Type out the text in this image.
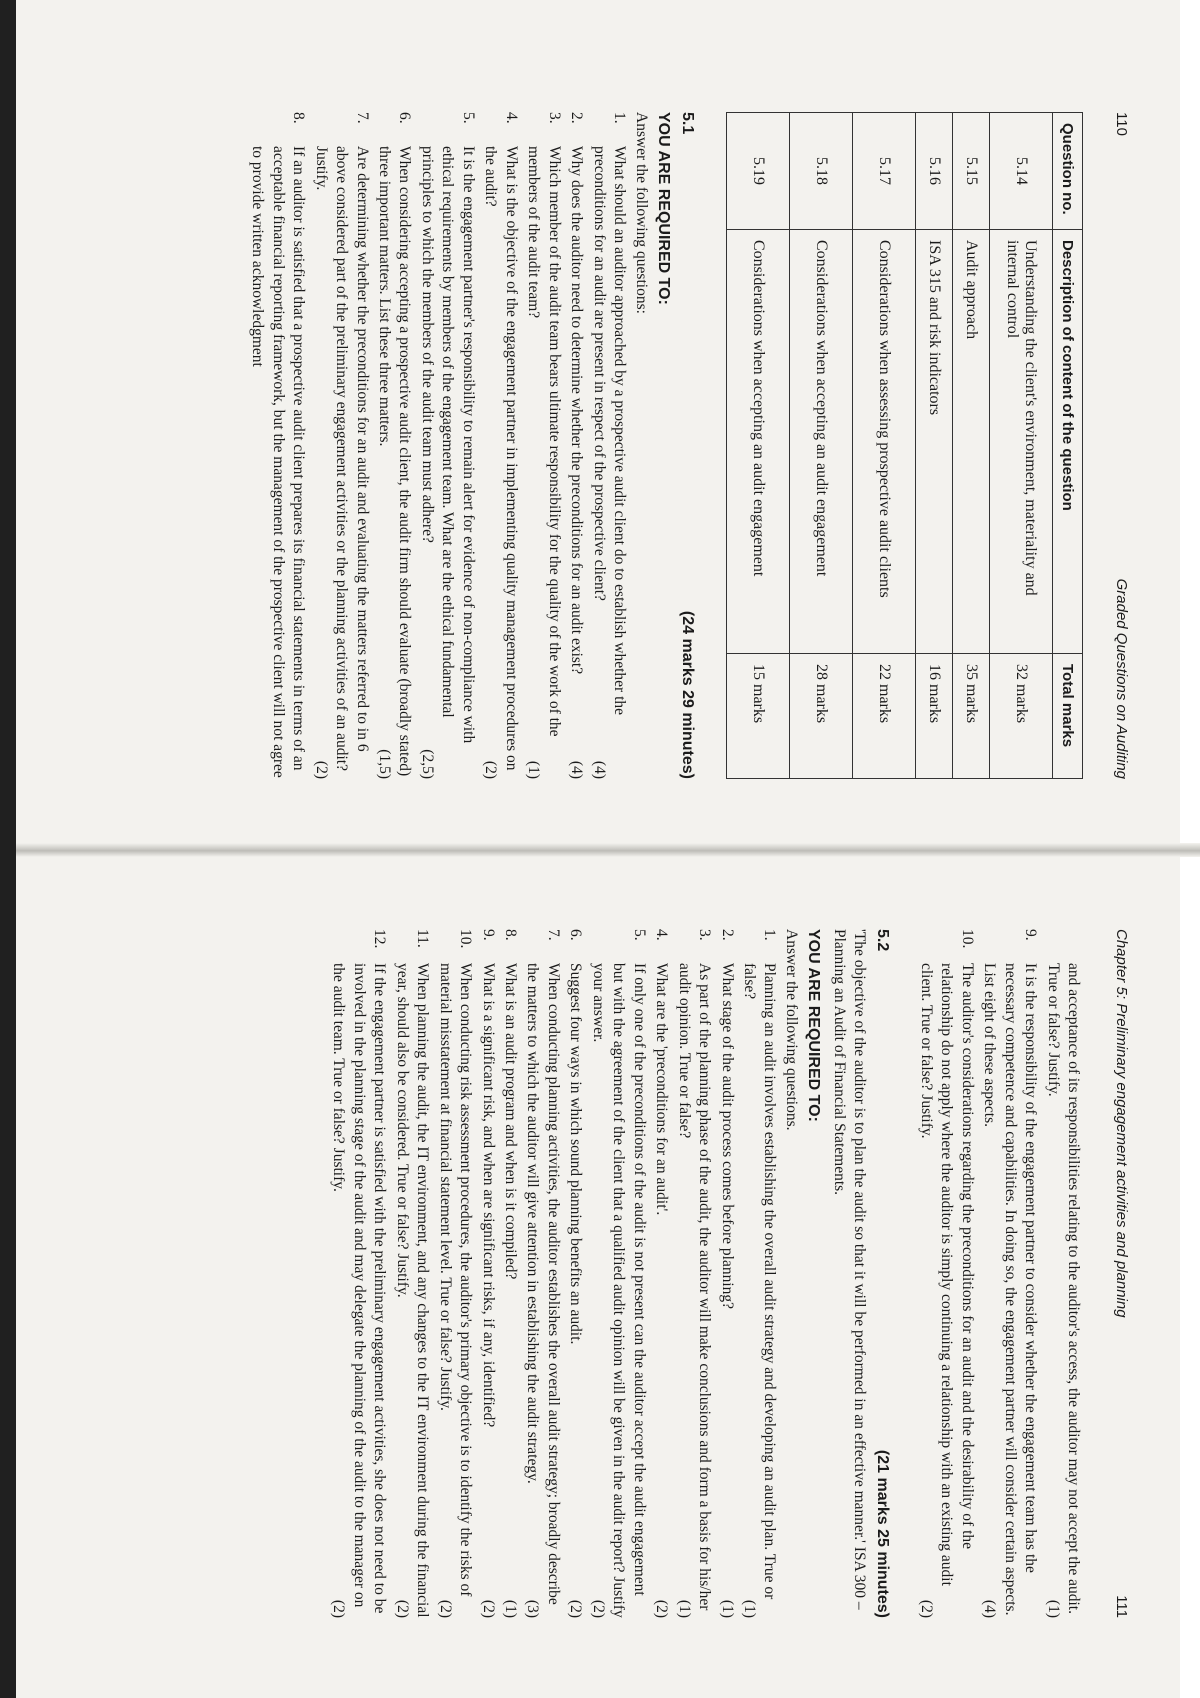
110
Graded Questions on Auditing
Question no.	Description of content of the question	Total marks
5.14	Understanding the client's environment, materiality and internal control	32 marks
5.15	Audit approach	35 marks
5.16	ISA 315 and risk indicators	16 marks
5.17	Considerations when assessing prospective audit clients	22 marks
5.18	Considerations when accepting an audit engagement	28 marks
5.19	Considerations when accepting an audit engagement	15 marks
5.1
(24 marks 29 minutes)
YOU ARE REQUIRED TO:

Answer the following questions:

1.
What should an auditor approached by a prospective audit client do to establish whether the preconditions for an audit are present in respect of the prospective client?
(4)
2.
Why does the auditor need to determine whether the preconditions for an audit exist?
(4)
3.
Which member of the audit team bears ultimate responsibility for the quality of the work of the members of the audit team?
(1)
4.
What is the objective of the engagement partner in implementing quality management procedures on the audit?
(2)
5.
It is the engagement partner's responsibility to remain alert for evidence of non-compliance with ethical requirements by members of the engagement team. What are the ethical fundamental principles to which the members of the audit team must adhere?
(2,5)
6.
When considering accepting a prospective audit client, the audit firm should evaluate (broadly stated) three important matters. List these three matters.
(1,5)
7.
Are determining whether the preconditions for an audit and evaluating the matters referred to in 6 above considered part of the preliminary engagement activities or the planning activities of an audit? Justify.
(2)
8.
If an auditor is satisfied that a prospective audit client prepares its financial statements in terms of an acceptable financial reporting framework, but the management of the prospective client will not agree to provide written acknowledgment
Chapter 5: Preliminary engagement activities and planning
111

and acceptance of its responsibilities relating to the auditor's access, the auditor may not accept the audit. True or false? Justify.
(1)

9.
It is the responsibility of the engagement partner to consider whether the engagement team has the necessary competence and capabilities. In doing so, the engagement partner will consider certain aspects. List eight of these aspects.
(4)
10.
The auditor's considerations regarding the preconditions for an audit and the desirability of the relationship do not apply where the auditor is simply continuing a relationship with an existing audit client. True or false? Justify.
(2)
5.2
(21 marks 25 minutes)

'The objective of the auditor is to plan the audit so that it will be performed in an effective manner.' ISA 300 – Planning an Audit of Financial Statements.

YOU ARE REQUIRED TO:

Answer the following questions.

1.
Planning an audit involves establishing the overall audit strategy and developing an audit plan. True or false?
(1)
2.
What stage of the audit process comes before planning?
(1)
3.
As part of the planning phase of the audit, the auditor will make conclusions and form a basis for his/her audit opinion. True or false?
(1)
4.
What are the 'preconditions for an audit'.
(2)
5.
If only one of the preconditions of the audit is not present can the auditor accept the audit engagement but with the agreement of the client that a qualified audit opinion will be given in the audit report? Justify your answer.
(2)
6.
Suggest four ways in which sound planning benefits an audit.
(2)
7.
When conducting planning activities, the auditor establishes the overall audit strategy; broadly describe the matters to which the auditor will give attention in establishing the audit strategy.
(3)
8.
What is an audit program and when is it compiled?
(1)
9.
What is a significant risk, and when are significant risks, if any, identified?
(2)
10.
When conducting risk assessment procedures, the auditor's primary objective is to identify the risks of material misstatement at financial statement level. True or false? Justify.
(2)
11.
When planning the audit, the IT environment, and any changes to the IT environment during the financial year, should also be considered. True or false? Justify.
(2)
12.
If the engagement partner is satisfied with the preliminary engagement activities, she does not need to be involved in the planning stage of the audit and may delegate the planning of the audit to the manager on the audit team. True or false? Justify.
(2)
